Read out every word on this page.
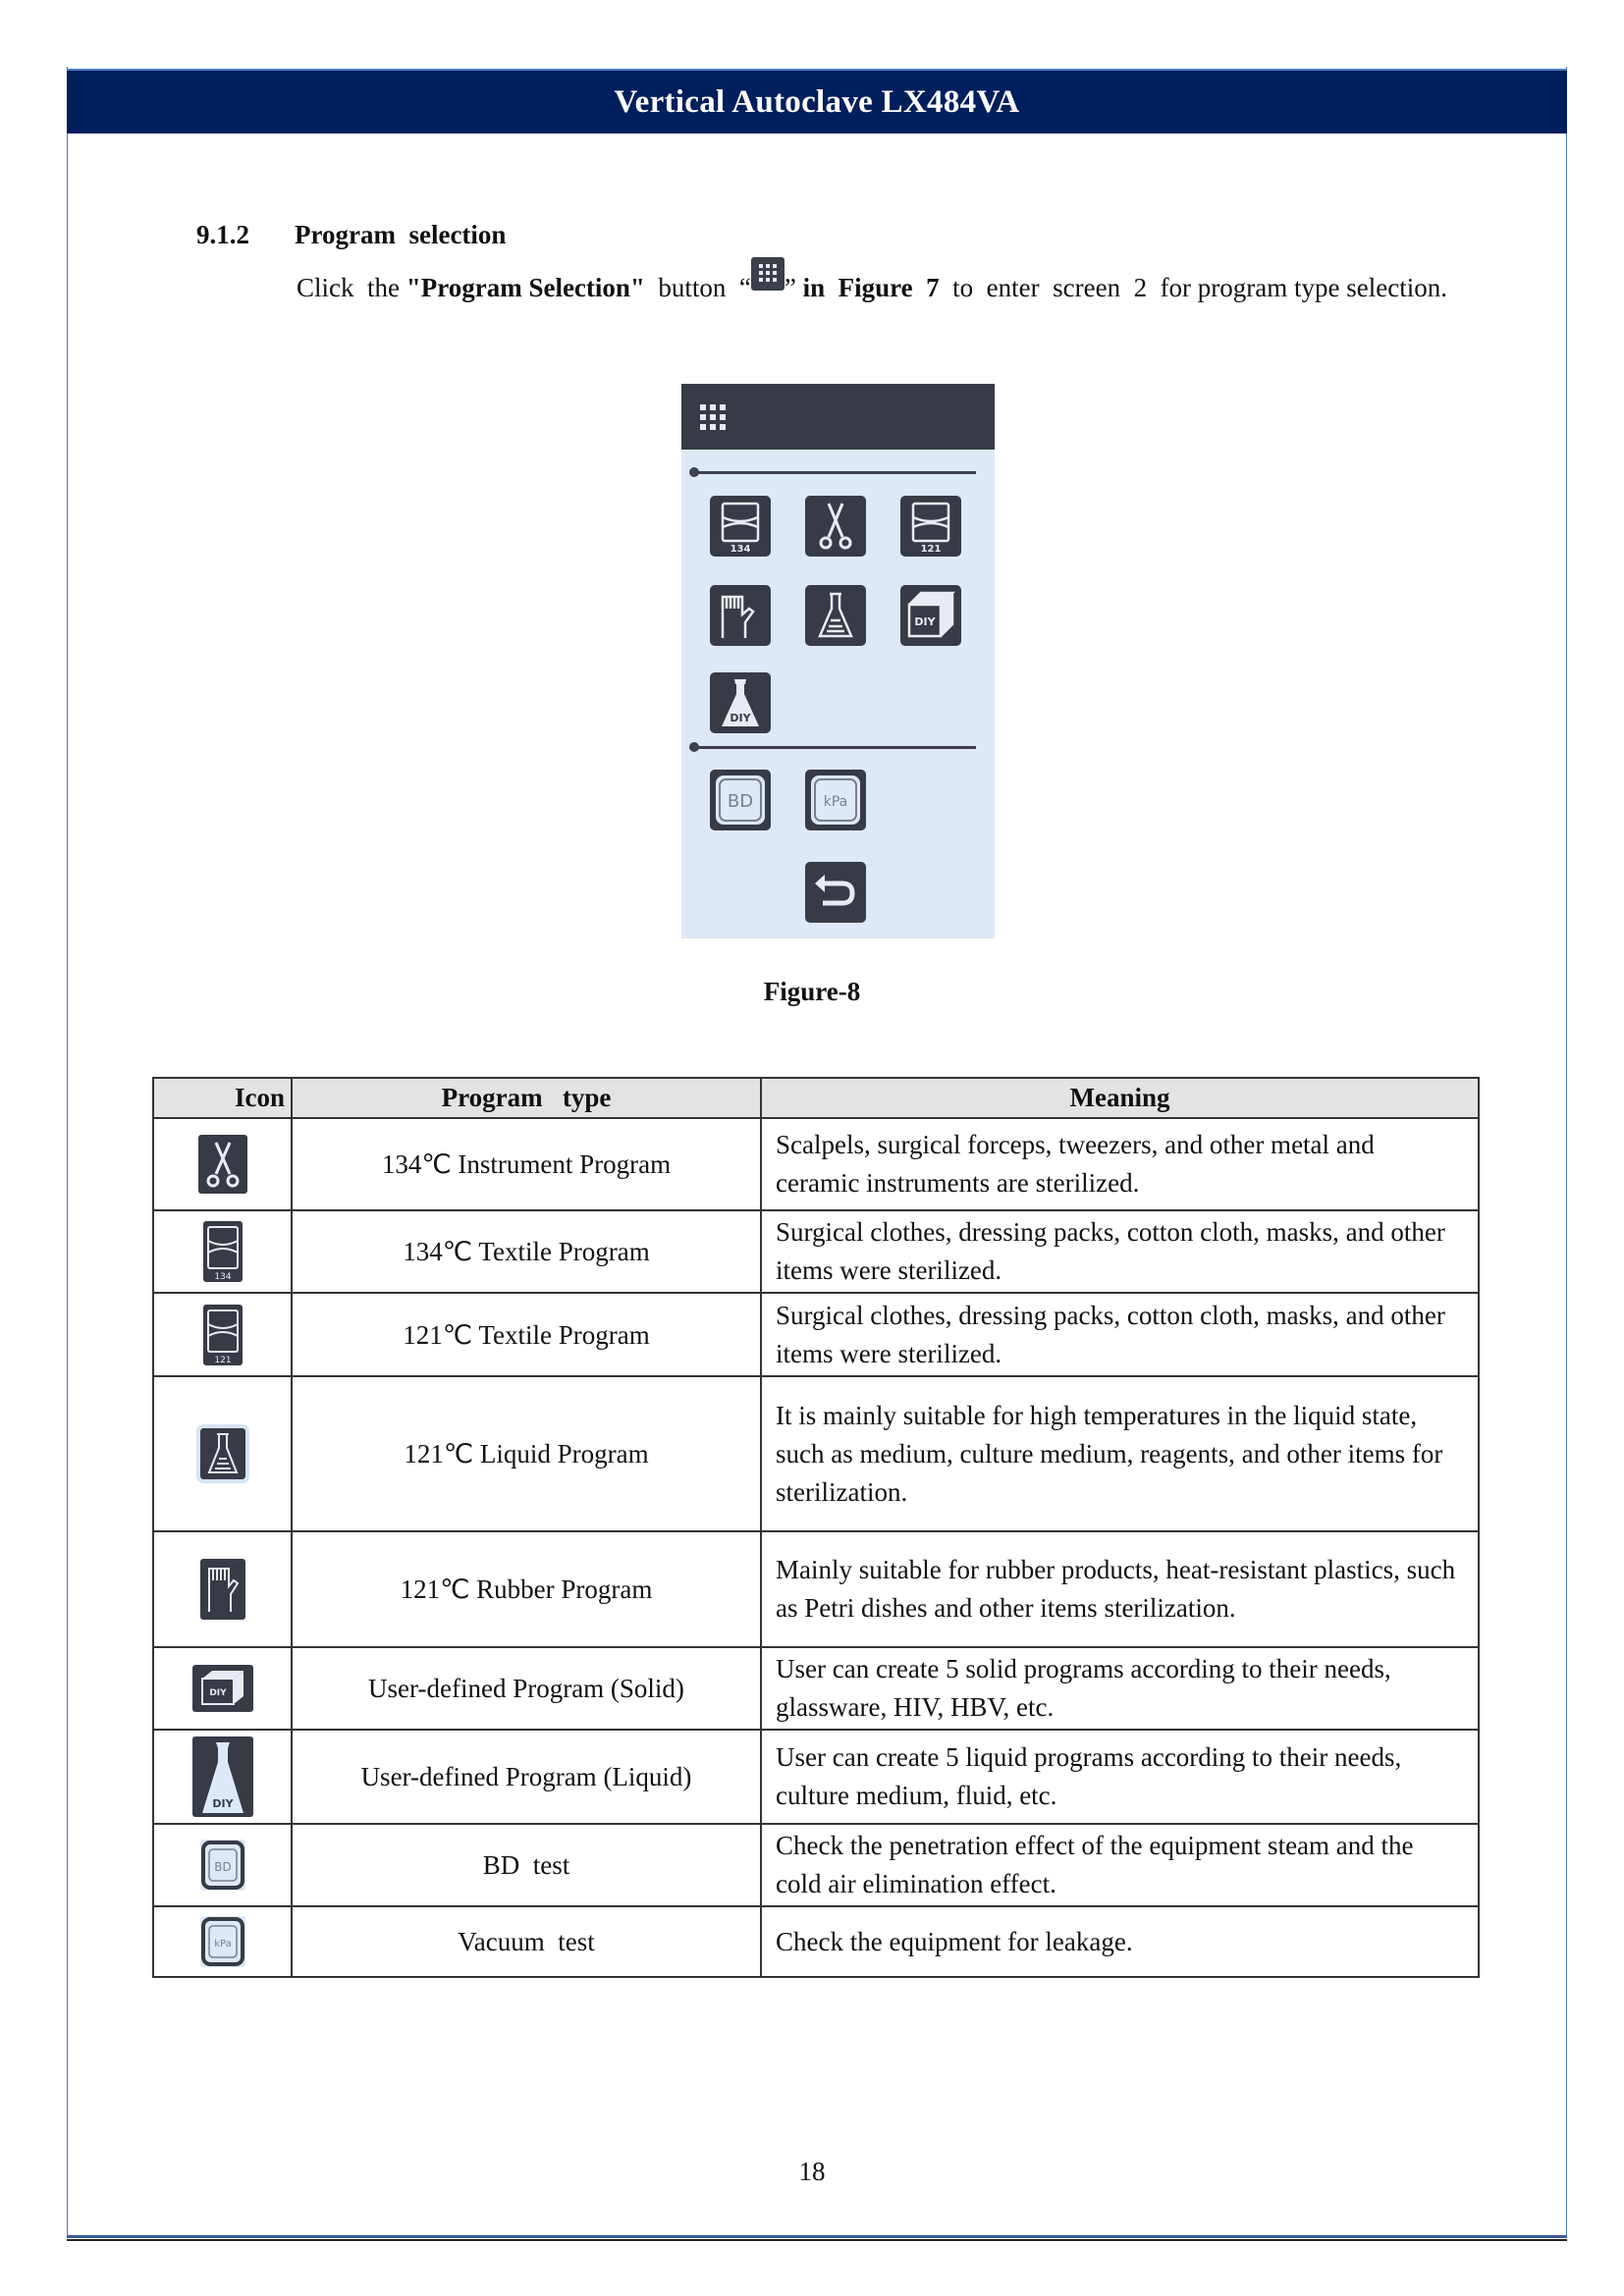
Vertical Autoclave LX484VA
9.1.2 Program  selection
Click  the "Program Selection"  button  “ ” in  Figure  7  to  enter  screen  2  for program type selection.
134	121
DIY
DIY
BD	kPa
Figure-8
Icon	Program   type	Meaning

	134℃ Instrument Program	Scalpels, surgical forceps, tweezers, and other metal and ceramic instruments are sterilized.

134	134℃ Textile Program	Surgical clothes, dressing packs, cotton cloth, masks, and other items were sterilized.

121	121℃ Textile Program	Surgical clothes, dressing packs, cotton cloth, masks, and other items were sterilized.

	121℃ Liquid Program	It is mainly suitable for high temperatures in the liquid state, such as medium, culture medium, reagents, and other items for sterilization.

	121℃ Rubber Program	Mainly suitable for rubber products, heat-resistant plastics, such as Petri dishes and other items sterilization.

DIY	User-defined Program (Solid)	User can create 5 solid programs according to their needs, glassware, HIV, HBV, etc.

DIY	User-defined Program (Liquid)	User can create 5 liquid programs according to their needs, culture medium, fluid, etc.

BD	BD  test	Check the penetration effect of the equipment steam and the cold air elimination effect.

kPa	Vacuum  test	Check the equipment for leakage.
18
